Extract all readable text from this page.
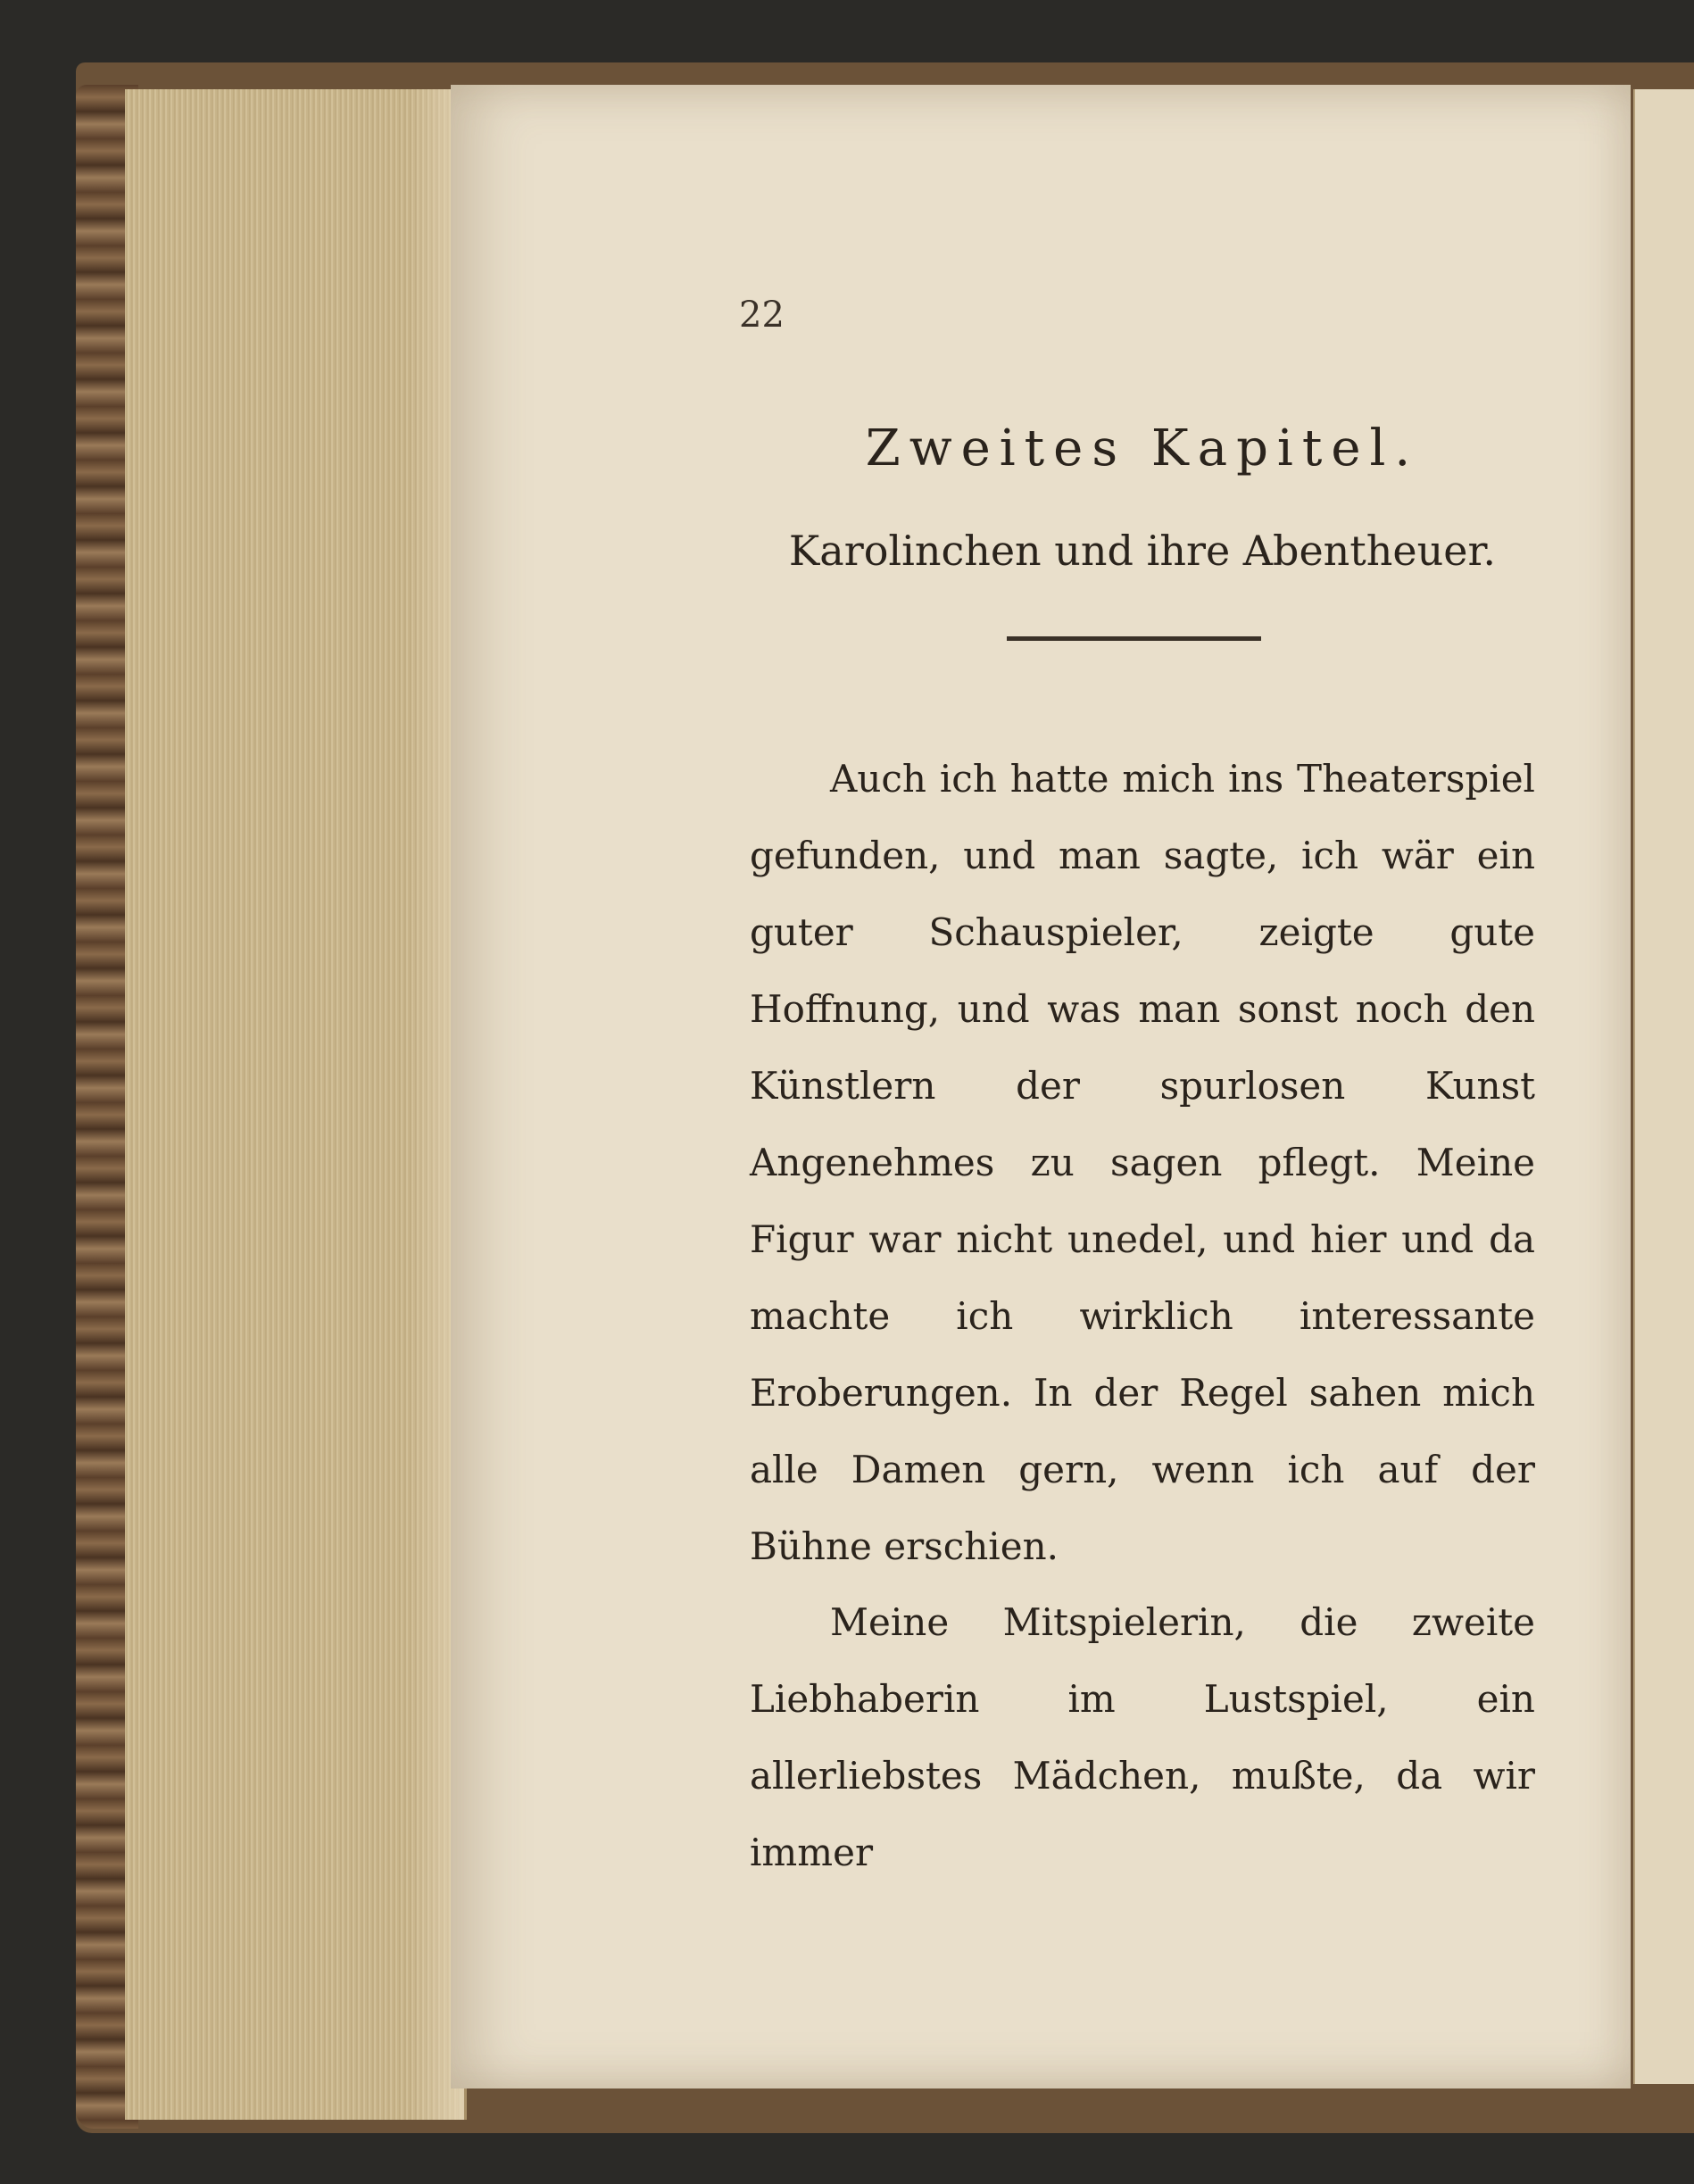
22
Zweites Kapitel.
Karolinchen und ihre Abentheuer.

Auch ich hatte mich ins Theaterspiel gefunden, und man sagte, ich wär ein guter Schauspieler, zeigte gute Hoffnung, und was man sonst noch den Künstlern der spurlosen Kunst Angenehmes zu sagen pflegt. Meine Figur war nicht unedel, und hier und da machte ich wirklich interessante Eroberungen. In der Regel sahen mich alle Damen gern, wenn ich auf der Bühne erschien.

Meine Mitspielerin, die zweite Liebhaberin im Lustspiel, ein allerliebstes Mädchen, mußte, da wir immer
